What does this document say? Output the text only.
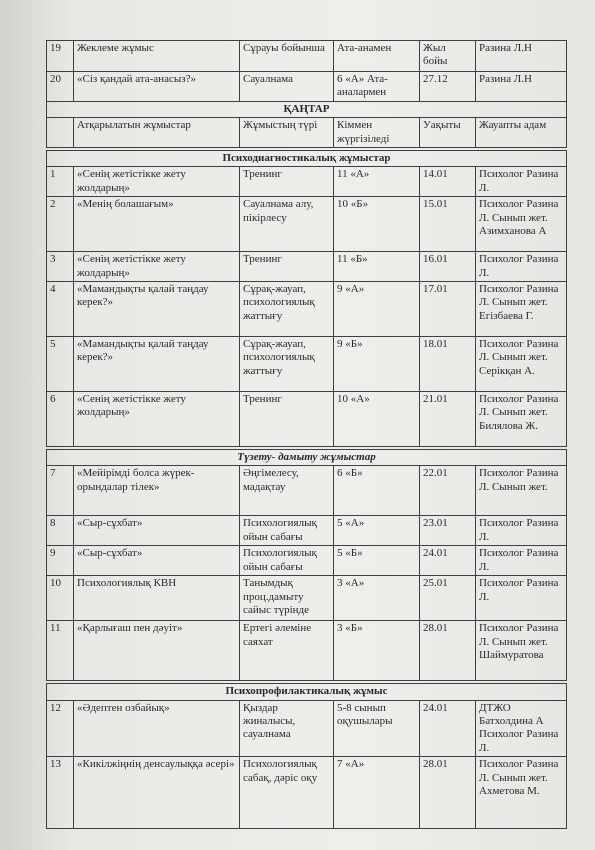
19	Жеклеме жұмыс	Сұрауы бойынша	Ата-анамен	Жыл бойы	Разина Л.Н
20	«Сіз қандай ата-анасыз?»	Сауалнама	6 «А» Ата-аналармен	27.12	Разина Л.Н
ҚАҢТАР					
	Атқарылатын жұмыстар	Жұмыстың түрі	Кіммен жүргізіледі	Уақыты	Жауапты адам

Психодиагностикалық жұмыстар					
1	«Сенің жетістікке жету жолдарың»	Тренинг	11 «А»	14.01	Психолог Разина Л.
2	«Менің болашағым»	Сауалнама алу, пікірлесу	10 «Б»	15.01	Психолог Разина Л. Сынып жет. Азимханова А
3	«Сенің жетістікке жету жолдарың»	Тренинг	11 «Б»	16.01	Психолог Разина Л.
4	«Мамандықты қалай таңдау керек?»	Сұрақ-жауап, психологиялық жаттығу	9 «А»	17.01	Психолог Разина Л. Сынып жет. Егізбаева Г.
5	«Мамандықты қалай таңдау керек?»	Сұрақ-жауап, психологиялық жаттығу	9 «Б»	18.01	Психолог Разина Л. Сынып жет. Серікқан А.
6	«Сенің жетістікке жету жолдарың»	Тренинг	10 «А»	21.01	Психолог Разина Л. Сынып жет. Билялова Ж.

Түзету- дамыту жұмыстар					
7	«Мейірімді болса жүрек-орындалар тілек»	Әңгімелесу, мадақтау	6 «Б»	22.01	Психолог Разина Л. Сынып жет.
8	«Сыр-сұхбат»	Психологиялық ойын сабағы	5 «А»	23.01	Психолог Разина Л.
9	«Сыр-сұхбат»	Психологиялық ойын сабағы	5 «Б»	24.01	Психолог Разина Л.
10	Психологиялық КВН	Танымдық проц.дамыту сайыс түрінде	3 «А»	25.01	Психолог Разина Л.
11	«Қарлығаш пен дәуіт»	Ертегі әлеміне саяхат	3 «Б»	28.01	Психолог Разина Л. Сынып жет. Шаймуратова

Психопрофилактикалық жұмыс					
12	«Әдептен озбайық»	Қыздар жиналысы, сауалнама	5-8 сынып оқушылары	24.01	ДТЖО Батхолдина А Психолог Разина Л.
13	«Кикілжіңнің денсаулыққа әсері»	Психологиялық сабақ, дәріс оқу	7 «А»	28.01	Психолог Разина Л. Сынып жет. Ахметова М.
